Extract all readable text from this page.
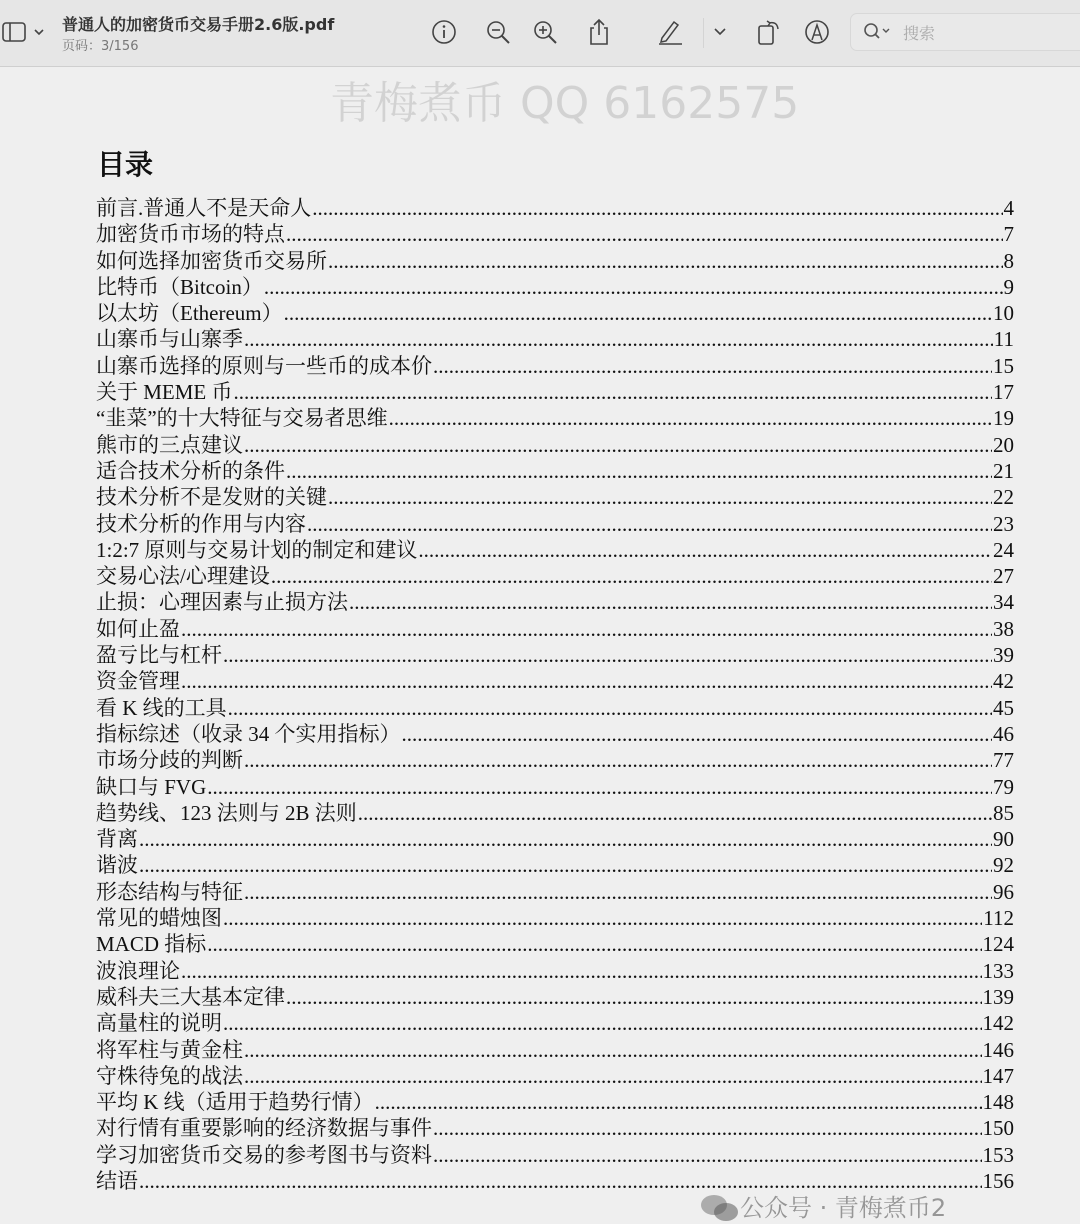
普通人的加密货币交易手册2.6版.pdf
页码：3/156
搜索
青梅煮币 QQ 6162575
目录
前言.普通人不是天命人 .....	4
加密货币市场的特点 .....	7
如何选择加密货币交易所 .....	8
比特币（Bitcoin） .....	9
以太坊（Ethereum） .....	10
山寨币与山寨季 .....	11
山寨币选择的原则与一些币的成本价 .....	15
关于 MEME 币 .....	17
“韭菜”的十大特征与交易者思维 .....	19
熊市的三点建议 .....	20
适合技术分析的条件 .....	21
技术分析不是发财的关键 .....	22
技术分析的作用与内容 .....	23
1:2:7 原则与交易计划的制定和建议 .....	24
交易心法/心理建设 .....	27
止损：心理因素与止损方法 .....	34
如何止盈 .....	38
盈亏比与杠杆 .....	39
资金管理 .....	42
看 K 线的工具 .....	45
指标综述（收录 34 个实用指标） .....	46
市场分歧的判断 .....	77
缺口与 FVG .....	79
趋势线、123 法则与 2B 法则 .....	85
背离 .....	90
谐波 .....	92
形态结构与特征 .....	96
常见的蜡烛图 .....	112
MACD 指标 .....	124
波浪理论 .....	133
威科夫三大基本定律 .....	139
高量柱的说明 .....	142
将军柱与黄金柱 .....	146
守株待兔的战法 .....	147
平均 K 线（适用于趋势行情） .....	148
对行情有重要影响的经济数据与事件 .....	150
学习加密货币交易的参考图书与资料 .....	153
结语 .....	156
公众号 · 青梅煮币2
